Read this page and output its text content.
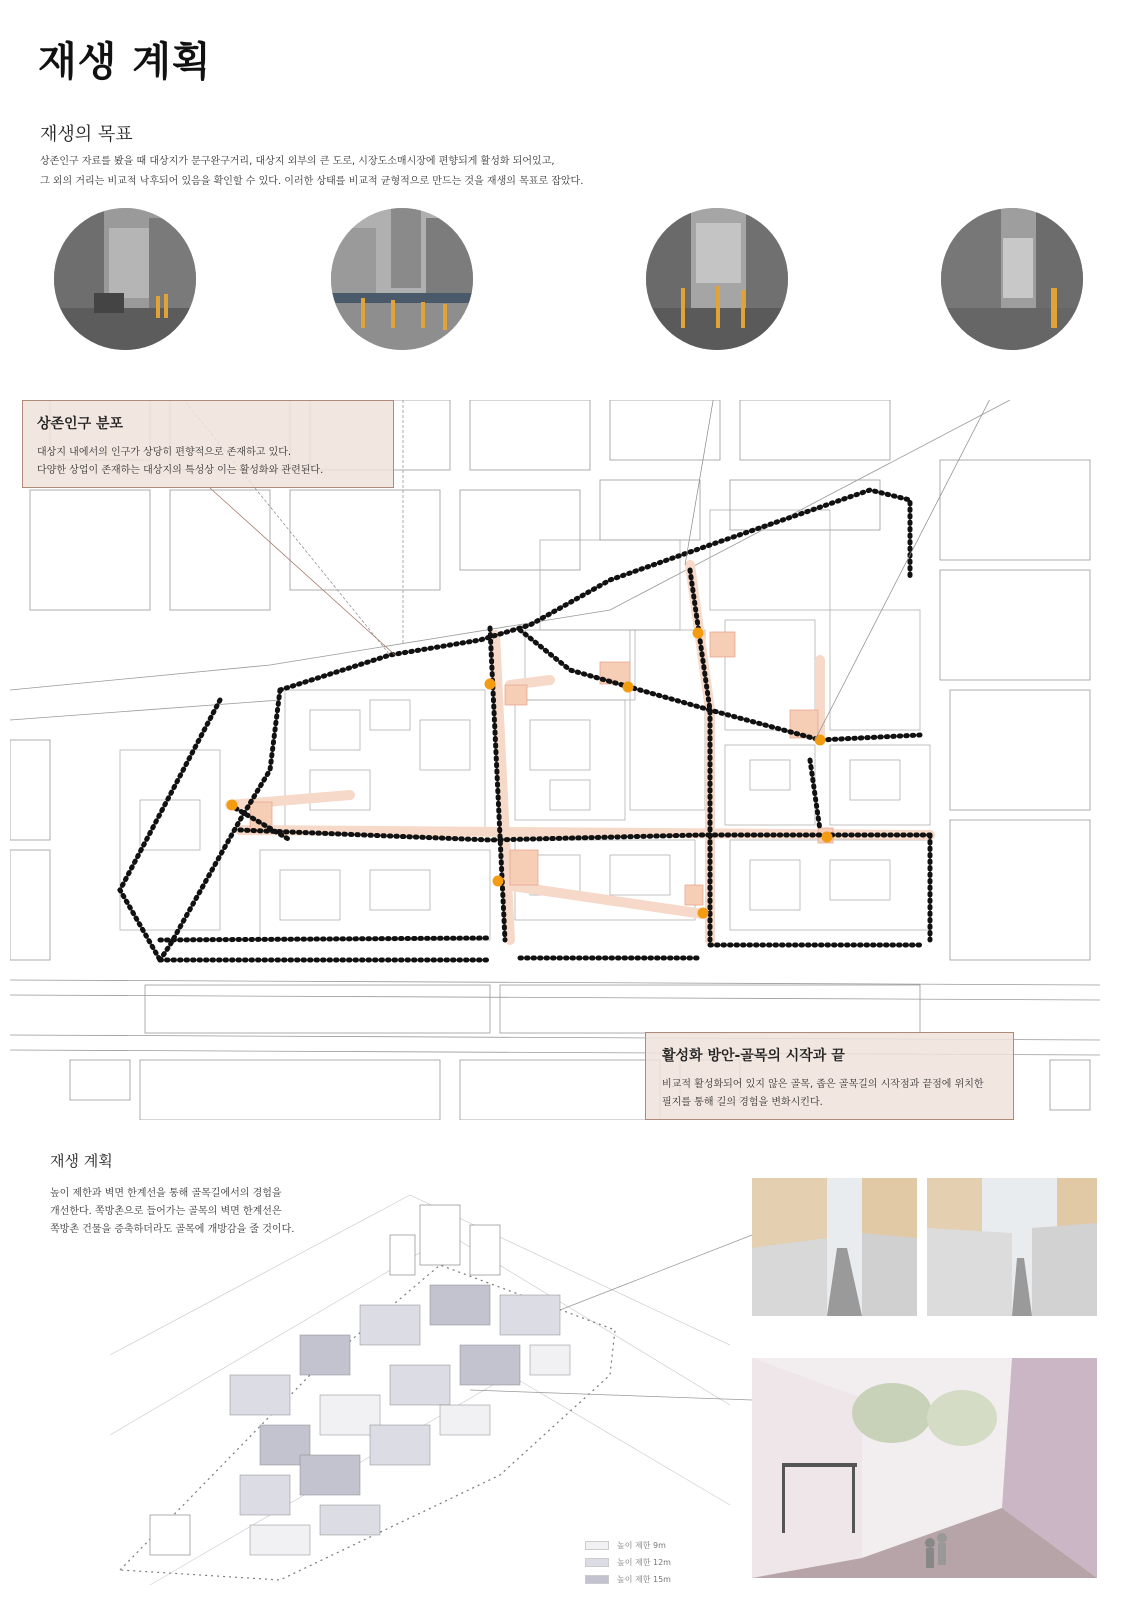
재생 계획
재생의 목표
상존인구 자료를 봤을 때 대상지가 문구완구거리, 대상지 외부의 큰 도로, 시장도소매시장에 편향되게 활성화 되어있고,
그 외의 거리는 비교적 낙후되어 있음을 확인할 수 있다. 이러한 상태를 비교적 균형적으로 만드는 것을 재생의 목표로 잡았다.
상존인구 분포
대상지 내에서의 인구가 상당히 편향적으로 존재하고 있다.
다양한 상업이 존재하는 대상지의 특성상 이는 활성화와 관련된다.
활성화 방안-골목의 시작과 끝
비교적 활성화되어 있지 않은 골목, 좁은 골목길의 시작점과 끝점에 위치한
필지를 통해 길의 경험을 변화시킨다.
재생 계획
높이 제한과 벽면 한계선을 통해 골목길에서의 경험을
개선한다. 쪽방촌으로 들어가는 골목의 벽면 한계선은
쪽방촌 건물을 증축하더라도 골목에 개방감을 줄 것이다.
높이 제한 9m
높이 제한 12m
높이 제한 15m
